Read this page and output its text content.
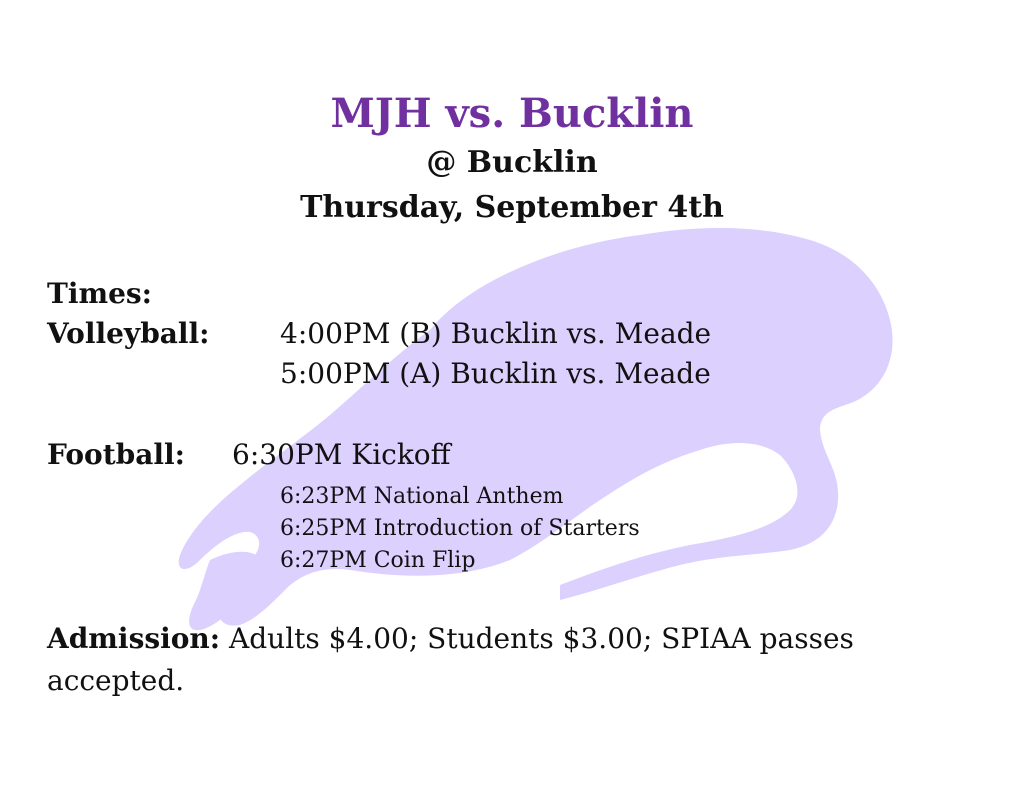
MJH vs. Bucklin
@ Bucklin
Thursday, September 4th
Times:
Volleyball:	4:00PM (B) Bucklin vs. Meade
5:00PM (A) Bucklin vs. Meade
Football: 6:30PM Kickoff
6:23PM National Anthem
6:25PM Introduction of Starters
6:27PM Coin Flip
Admission: Adults $4.00; Students $3.00; SPIAA passes accepted.
